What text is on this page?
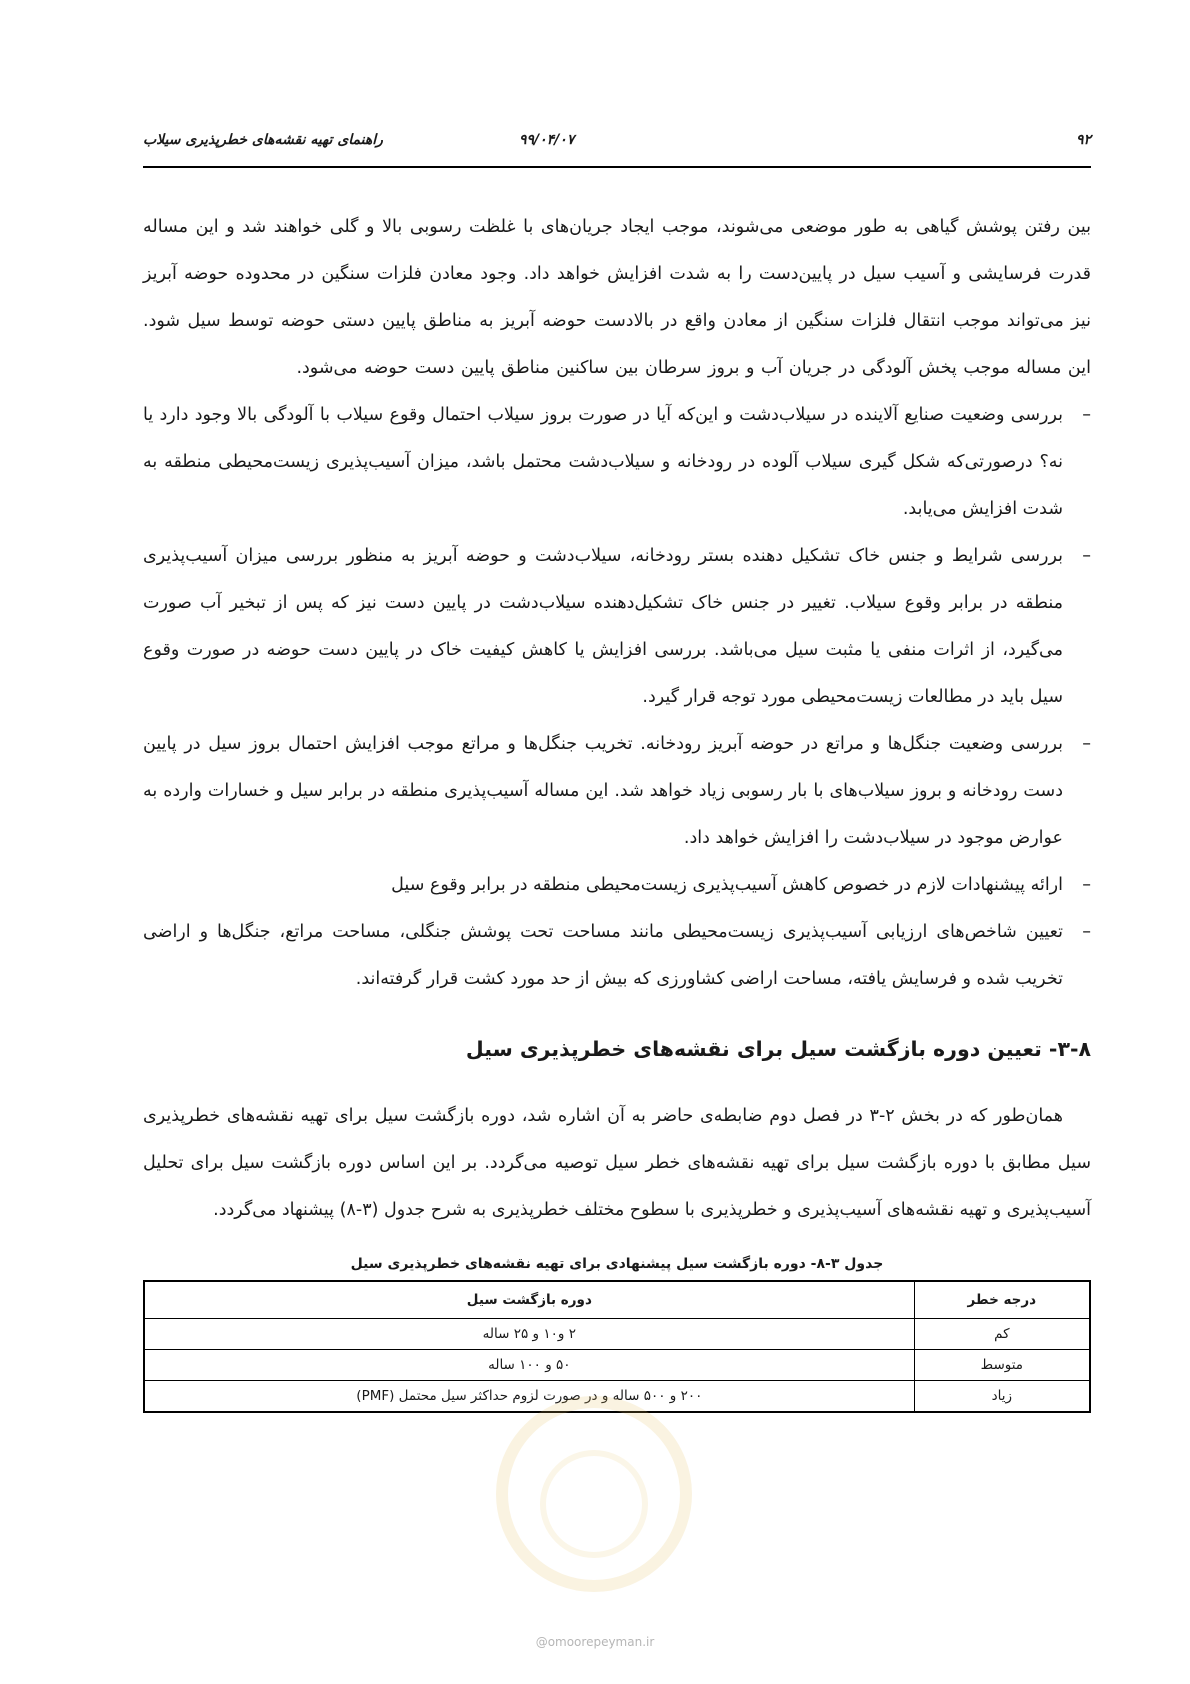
۹۲
۹۹/۰۴/۰۷
راهنمای تهیه نقشه‌های خطرپذیری سیلاب

بین رفتن پوشش گیاهی به طور موضعی می‌شوند، موجب ایجاد جریان‌های با غلظت رسوبی بالا و گلی خواهند شد و این مساله قدرت فرسایشی و آسیب سیل در پایین‌دست را به شدت افزایش خواهد داد. وجود معادن فلزات سنگین در محدوده حوضه آبریز نیز می‌تواند موجب انتقال فلزات سنگین از معادن واقع در بالادست حوضه آبریز به مناطق پایین دستی حوضه توسط سیل شود. این مساله موجب پخش آلودگی در جریان آب و بروز سرطان بین ساکنین مناطق پایین دست حوضه می‌شود.

–
بررسی وضعیت صنایع آلاینده در سیلاب‌دشت و این‌که آیا در صورت بروز سیلاب احتمال وقوع سیلاب با آلودگی بالا وجود دارد یا نه؟ درصورتی‌که شکل گیری سیلاب آلوده در رودخانه و سیلاب‌دشت محتمل باشد، میزان آسیب‌پذیری زیست‌محیطی منطقه به شدت افزایش می‌یابد.
–
بررسی شرایط و جنس خاک تشکیل دهنده بستر رودخانه، سیلاب‌دشت و حوضه آبریز به منظور بررسی میزان آسیب‌پذیری منطقه در برابر وقوع سیلاب. تغییر در جنس خاک تشکیل‌دهنده سیلاب‌دشت در پایین دست نیز که پس از تبخیر آب صورت می‌گیرد، از اثرات منفی یا مثبت سیل می‌باشد. بررسی افزایش یا کاهش کیفیت خاک در پایین دست حوضه در صورت وقوع سیل باید در مطالعات زیست‌محیطی مورد توجه قرار گیرد.
–
بررسی وضعیت جنگل‌ها و مراتع در حوضه آبریز رودخانه. تخریب جنگل‌ها و مراتع موجب افزایش احتمال بروز سیل در پایین دست رودخانه و بروز سیلاب‌های با بار رسوبی زیاد خواهد شد. این مساله آسیب‌پذیری منطقه در برابر سیل و خسارات وارده به عوارض موجود در سیلاب‌دشت را افزایش خواهد داد.
–
ارائه پیشنهادات لازم در خصوص کاهش آسیب‌پذیری زیست‌محیطی منطقه در برابر وقوع سیل
–
تعیین شاخص‌های ارزیابی آسیب‌پذیری زیست‌محیطی مانند مساحت تحت پوشش جنگلی، مساحت مراتع، جنگل‌ها و اراضی تخریب شده و فرسایش یافته، مساحت اراضی کشاورزی که بیش از حد مورد کشت قرار گرفته‌اند.
۳-۸- تعیین دوره بازگشت سیل برای نقشه‌های خطرپذیری سیل

همان‌طور که در بخش ۲-۳ در فصل دوم ضابطه‌ی حاضر به آن اشاره شد، دوره بازگشت سیل برای تهیه نقشه‌های خطرپذیری سیل مطابق با دوره بازگشت سیل برای تهیه نقشه‌های خطر سیل توصیه می‌گردد. بر این اساس دوره بازگشت سیل برای تحلیل آسیب‌پذیری و تهیه نقشه‌های آسیب‌پذیری و خطرپذیری با سطوح مختلف خطرپذیری به شرح جدول (۳-۸) پیشنهاد می‌گردد.

جدول ۳-۸- دوره بازگشت سیل پیشنهادی برای تهیه نقشه‌های خطرپذیری سیل
درجه خطر	دوره بازگشت سیل
کم	۲ و۱۰ و ۲۵ ساله
متوسط	۵۰ و ۱۰۰ ساله
زیاد	۲۰۰ و ۵۰۰ ساله و در صورت لزوم حداکثر سیل محتمل (PMF)
@omoorepeyman.ir
